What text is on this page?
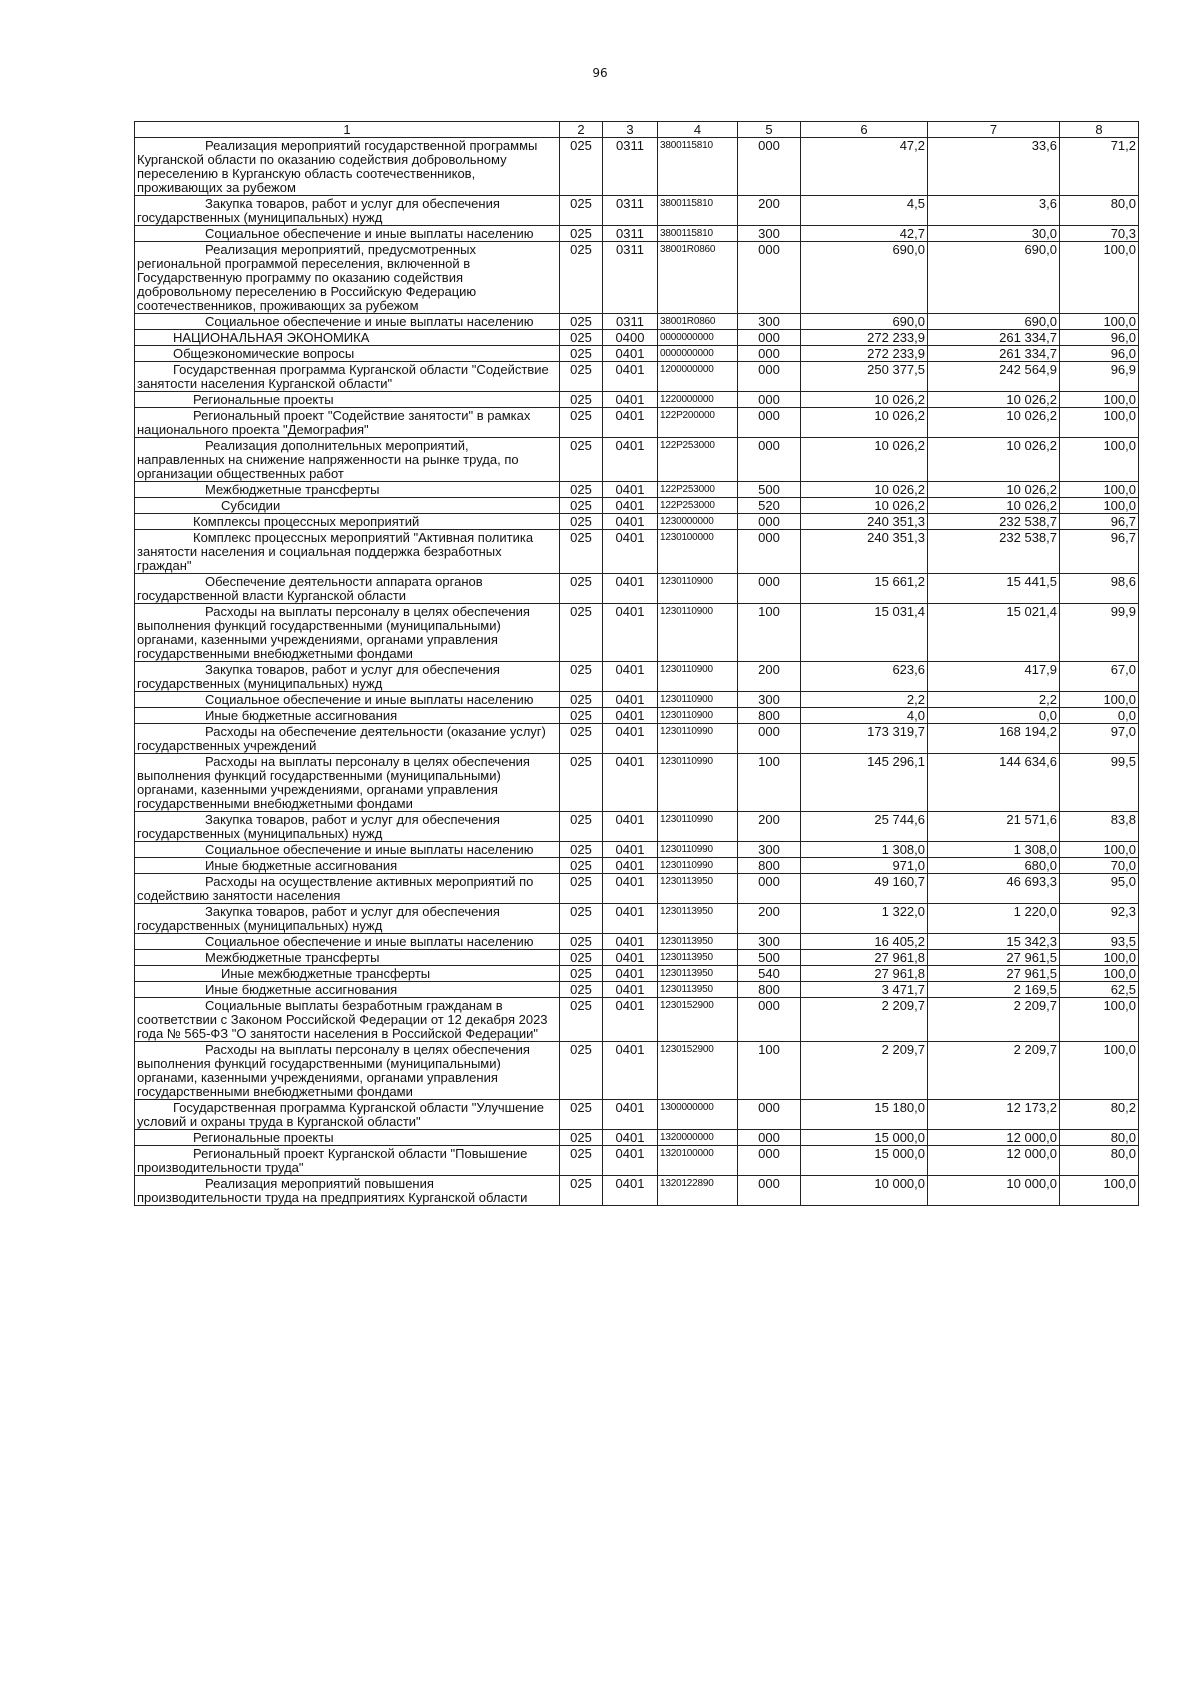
96
1	2	3	4	5	6	7	8
Реализация мероприятий государственной программы Курганской области по оказанию содействия добровольному переселению в Курганскую область соотечественников, проживающих за рубежом	025	0311	3800115810	000	47,2	33,6	71,2
Закупка товаров, работ и услуг для обеспечения государственных (муниципальных) нужд	025	0311	3800115810	200	4,5	3,6	80,0
Социальное обеспечение и иные выплаты населению	025	0311	3800115810	300	42,7	30,0	70,3
Реализация мероприятий, предусмотренных региональной программой переселения, включенной в Государственную программу по оказанию содействия добровольному переселению в Российскую Федерацию соотечественников, проживающих за рубежом	025	0311	38001R0860	000	690,0	690,0	100,0
Социальное обеспечение и иные выплаты населению	025	0311	38001R0860	300	690,0	690,0	100,0
НАЦИОНАЛЬНАЯ ЭКОНОМИКА	025	0400	0000000000	000	272 233,9	261 334,7	96,0
Общеэкономические вопросы	025	0401	0000000000	000	272 233,9	261 334,7	96,0
Государственная программа Курганской области "Содействие занятости населения Курганской области"	025	0401	1200000000	000	250 377,5	242 564,9	96,9
Региональные проекты	025	0401	1220000000	000	10 026,2	10 026,2	100,0
Региональный проект "Содействие занятости" в рамках национального проекта "Демография"	025	0401	122P200000	000	10 026,2	10 026,2	100,0
Реализация дополнительных мероприятий, направленных на снижение напряженности на рынке труда, по организации общественных работ	025	0401	122P253000	000	10 026,2	10 026,2	100,0
Межбюджетные трансферты	025	0401	122P253000	500	10 026,2	10 026,2	100,0
Субсидии	025	0401	122P253000	520	10 026,2	10 026,2	100,0
Комплексы процессных мероприятий	025	0401	1230000000	000	240 351,3	232 538,7	96,7
Комплекс процессных мероприятий "Активная политика занятости населения и социальная поддержка безработных граждан"	025	0401	1230100000	000	240 351,3	232 538,7	96,7
Обеспечение деятельности аппарата органов государственной власти Курганской области	025	0401	1230110900	000	15 661,2	15 441,5	98,6
Расходы на выплаты персоналу в целях обеспечения выполнения функций государственными (муниципальными) органами, казенными учреждениями, органами управления государственными внебюджетными фондами	025	0401	1230110900	100	15 031,4	15 021,4	99,9
Закупка товаров, работ и услуг для обеспечения государственных (муниципальных) нужд	025	0401	1230110900	200	623,6	417,9	67,0
Социальное обеспечение и иные выплаты населению	025	0401	1230110900	300	2,2	2,2	100,0
Иные бюджетные ассигнования	025	0401	1230110900	800	4,0	0,0	0,0
Расходы на обеспечение деятельности (оказание услуг) государственных учреждений	025	0401	1230110990	000	173 319,7	168 194,2	97,0
Расходы на выплаты персоналу в целях обеспечения выполнения функций государственными (муниципальными) органами, казенными учреждениями, органами управления государственными внебюджетными фондами	025	0401	1230110990	100	145 296,1	144 634,6	99,5
Закупка товаров, работ и услуг для обеспечения государственных (муниципальных) нужд	025	0401	1230110990	200	25 744,6	21 571,6	83,8
Социальное обеспечение и иные выплаты населению	025	0401	1230110990	300	1 308,0	1 308,0	100,0
Иные бюджетные ассигнования	025	0401	1230110990	800	971,0	680,0	70,0
Расходы на осуществление активных мероприятий по содействию занятости населения	025	0401	1230113950	000	49 160,7	46 693,3	95,0
Закупка товаров, работ и услуг для обеспечения государственных (муниципальных) нужд	025	0401	1230113950	200	1 322,0	1 220,0	92,3
Социальное обеспечение и иные выплаты населению	025	0401	1230113950	300	16 405,2	15 342,3	93,5
Межбюджетные трансферты	025	0401	1230113950	500	27 961,8	27 961,5	100,0
Иные межбюджетные трансферты	025	0401	1230113950	540	27 961,8	27 961,5	100,0
Иные бюджетные ассигнования	025	0401	1230113950	800	3 471,7	2 169,5	62,5
Социальные выплаты безработным гражданам в соответствии с Законом Российской Федерации от 12 декабря 2023 года № 565-ФЗ "О занятости населения в Российской Федерации"	025	0401	1230152900	000	2 209,7	2 209,7	100,0
Расходы на выплаты персоналу в целях обеспечения выполнения функций государственными (муниципальными) органами, казенными учреждениями, органами управления государственными внебюджетными фондами	025	0401	1230152900	100	2 209,7	2 209,7	100,0
Государственная программа Курганской области "Улучшение условий и охраны труда в Курганской области"	025	0401	1300000000	000	15 180,0	12 173,2	80,2
Региональные проекты	025	0401	1320000000	000	15 000,0	12 000,0	80,0
Региональный проект Курганской области "Повышение производительности труда"	025	0401	1320100000	000	15 000,0	12 000,0	80,0
Реализация мероприятий повышения производительности труда на предприятиях Курганской области	025	0401	1320122890	000	10 000,0	10 000,0	100,0
